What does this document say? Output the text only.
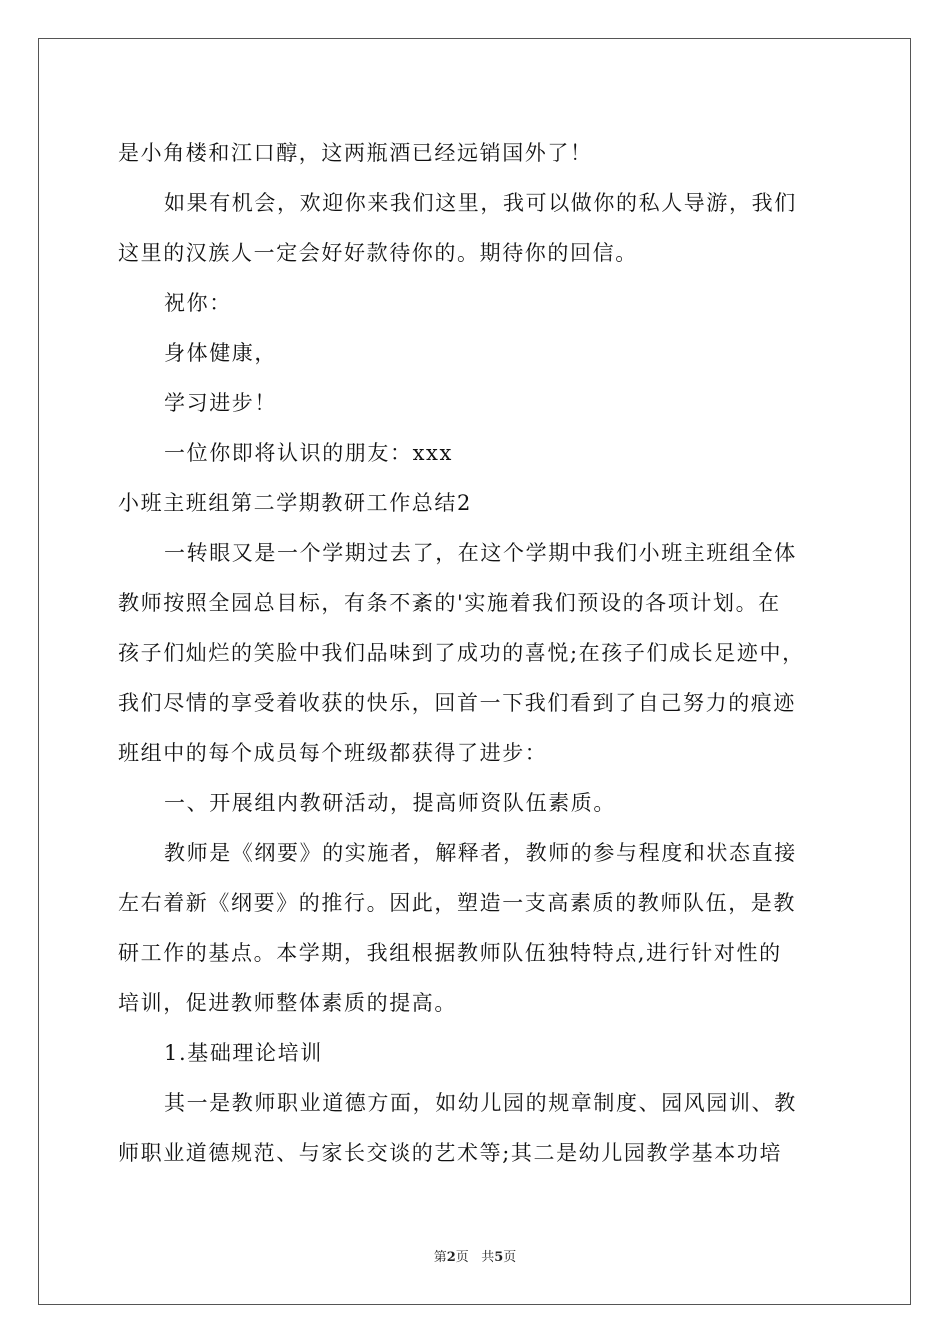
是小角楼和江口醇，这两瓶酒已经远销国外了！
如果有机会，欢迎你来我们这里，我可以做你的私人导游，我们
这里的汉族人一定会好好款待你的。期待你的回信。
祝你：
身体健康，
学习进步！
一位你即将认识的朋友：xxx
小班主班组第二学期教研工作总结2
一转眼又是一个学期过去了，在这个学期中我们小班主班组全体
教师按照全园总目标，有条不紊的'实施着我们预设的各项计划。在
孩子们灿烂的笑脸中我们品味到了成功的喜悦;在孩子们成长足迹中，
我们尽情的享受着收获的快乐，回首一下我们看到了自己努力的痕迹
班组中的每个成员每个班级都获得了进步：
一、开展组内教研活动，提高师资队伍素质。
教师是《纲要》的实施者，解释者，教师的参与程度和状态直接
左右着新《纲要》的推行。因此，塑造一支高素质的教师队伍，是教
研工作的基点。本学期，我组根据教师队伍独特特点,进行针对性的
培训，促进教师整体素质的提高。
1.基础理论培训
其一是教师职业道德方面，如幼儿园的规章制度、园风园训、教
师职业道德规范、与家长交谈的艺术等;其二是幼儿园教学基本功培
第2页 共5页
